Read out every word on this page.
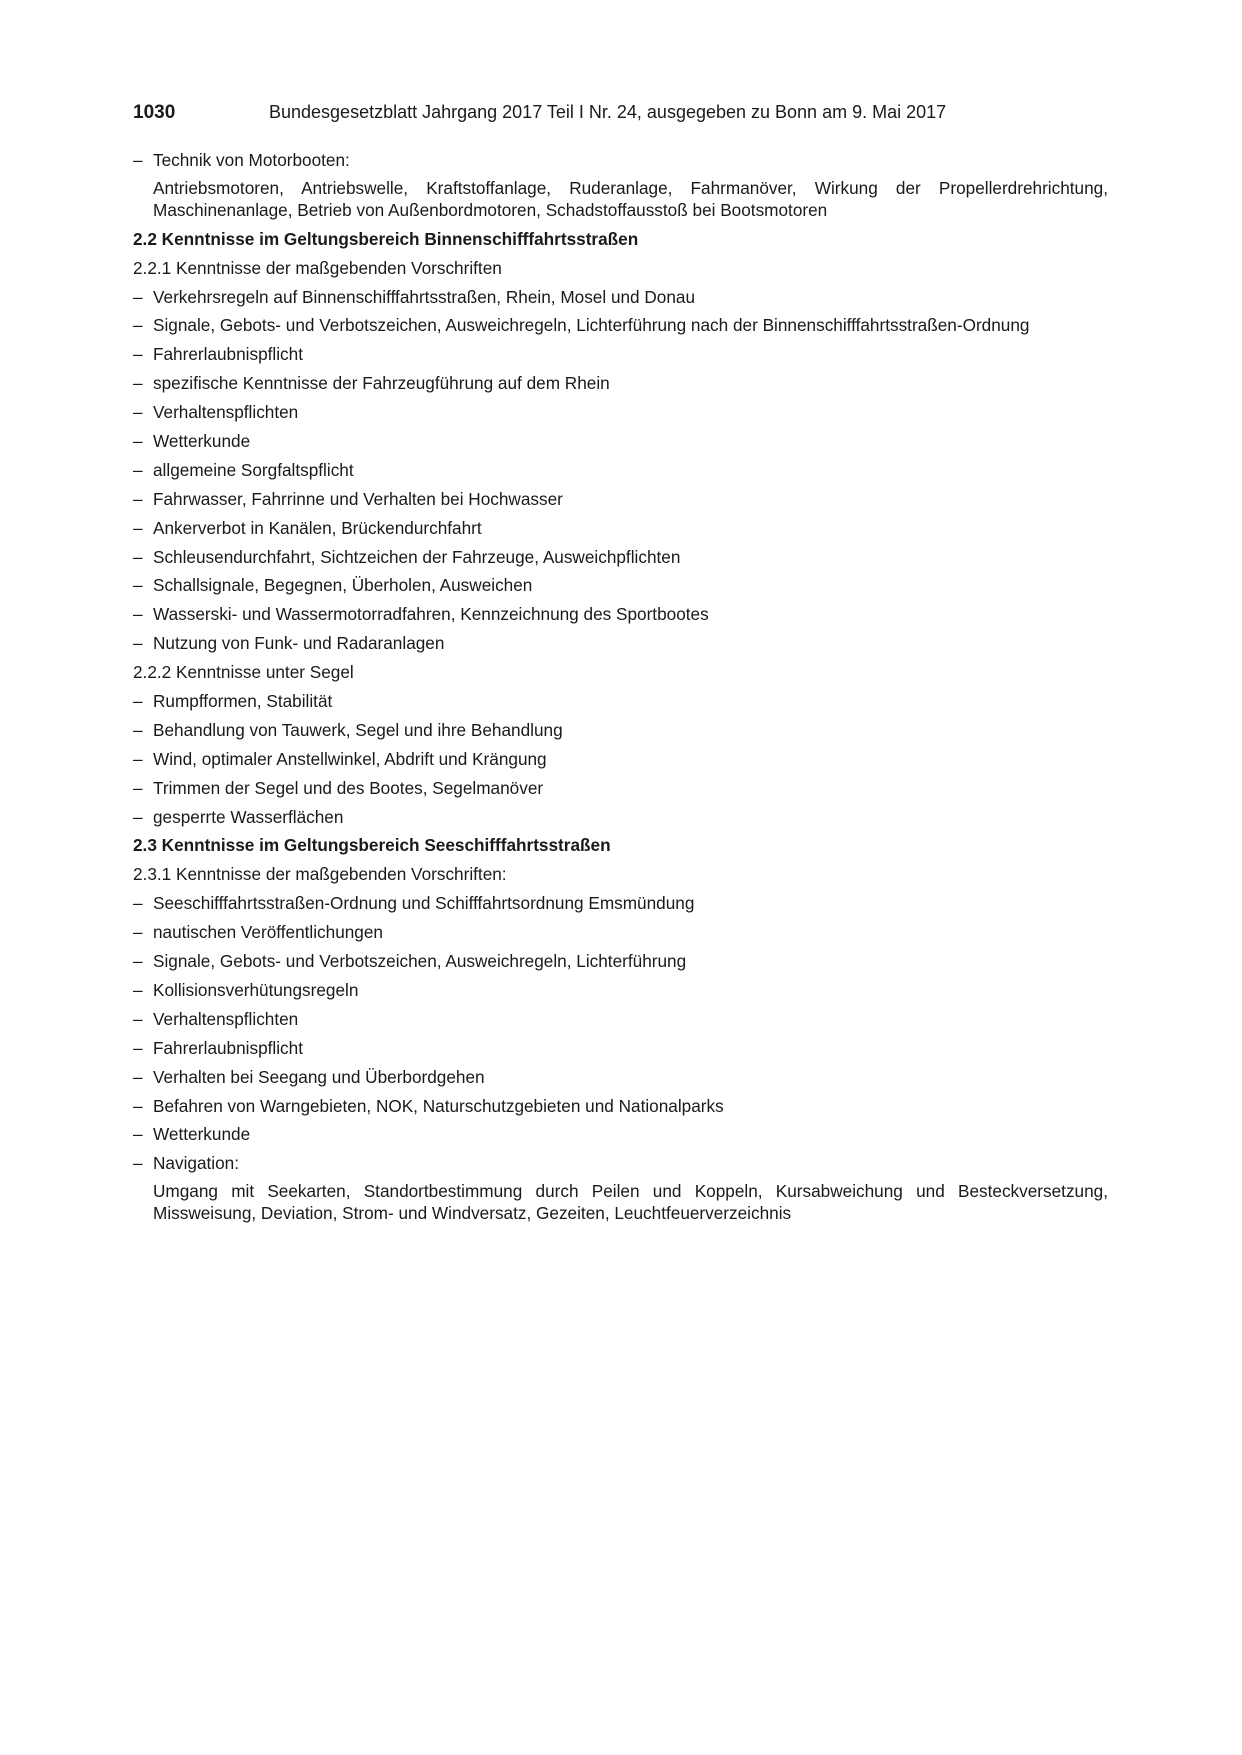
1030	Bundesgesetzblatt Jahrgang 2017 Teil I Nr. 24, ausgegeben zu Bonn am 9. Mai 2017
– Technik von Motorbooten:
Antriebsmotoren, Antriebswelle, Kraftstoffanlage, Ruderanlage, Fahrmanöver, Wirkung der Propellerdrehrichtung, Maschinenanlage, Betrieb von Außenbordmotoren, Schadstoffausstoß bei Bootsmotoren
2.2 Kenntnisse im Geltungsbereich Binnenschifffahrtsstraßen
2.2.1 Kenntnisse der maßgebenden Vorschriften
– Verkehrsregeln auf Binnenschifffahrtsstraßen, Rhein, Mosel und Donau
– Signale, Gebots- und Verbotszeichen, Ausweichregeln, Lichterführung nach der Binnenschifffahrtsstraßen-Ordnung
– Fahrerlaubnispflicht
– spezifische Kenntnisse der Fahrzeugführung auf dem Rhein
– Verhaltenspflichten
– Wetterkunde
– allgemeine Sorgfaltspflicht
– Fahrwasser, Fahrrinne und Verhalten bei Hochwasser
– Ankerverbot in Kanälen, Brückendurchfahrt
– Schleusendurchfahrt, Sichtzeichen der Fahrzeuge, Ausweichpflichten
– Schallsignale, Begegnen, Überholen, Ausweichen
– Wasserski- und Wassermotorradfahren, Kennzeichnung des Sportbootes
– Nutzung von Funk- und Radaranlagen
2.2.2 Kenntnisse unter Segel
– Rumpfformen, Stabilität
– Behandlung von Tauwerk, Segel und ihre Behandlung
– Wind, optimaler Anstellwinkel, Abdrift und Krängung
– Trimmen der Segel und des Bootes, Segelmanöver
– gesperrte Wasserflächen
2.3 Kenntnisse im Geltungsbereich Seeschifffahrtsstraßen
2.3.1 Kenntnisse der maßgebenden Vorschriften:
– Seeschifffahrtsstraßen-Ordnung und Schifffahrtsordnung Emsmündung
– nautischen Veröffentlichungen
– Signale, Gebots- und Verbotszeichen, Ausweichregeln, Lichterführung
– Kollisionsverhütungsregeln
– Verhaltenspflichten
– Fahrerlaubnispflicht
– Verhalten bei Seegang und Überbordgehen
– Befahren von Warngebieten, NOK, Naturschutzgebieten und Nationalparks
– Wetterkunde
– Navigation:
Umgang mit Seekarten, Standortbestimmung durch Peilen und Koppeln, Kursabweichung und Besteckversetzung, Missweisung, Deviation, Strom- und Windversatz, Gezeiten, Leuchtfeuerverzeichnis
